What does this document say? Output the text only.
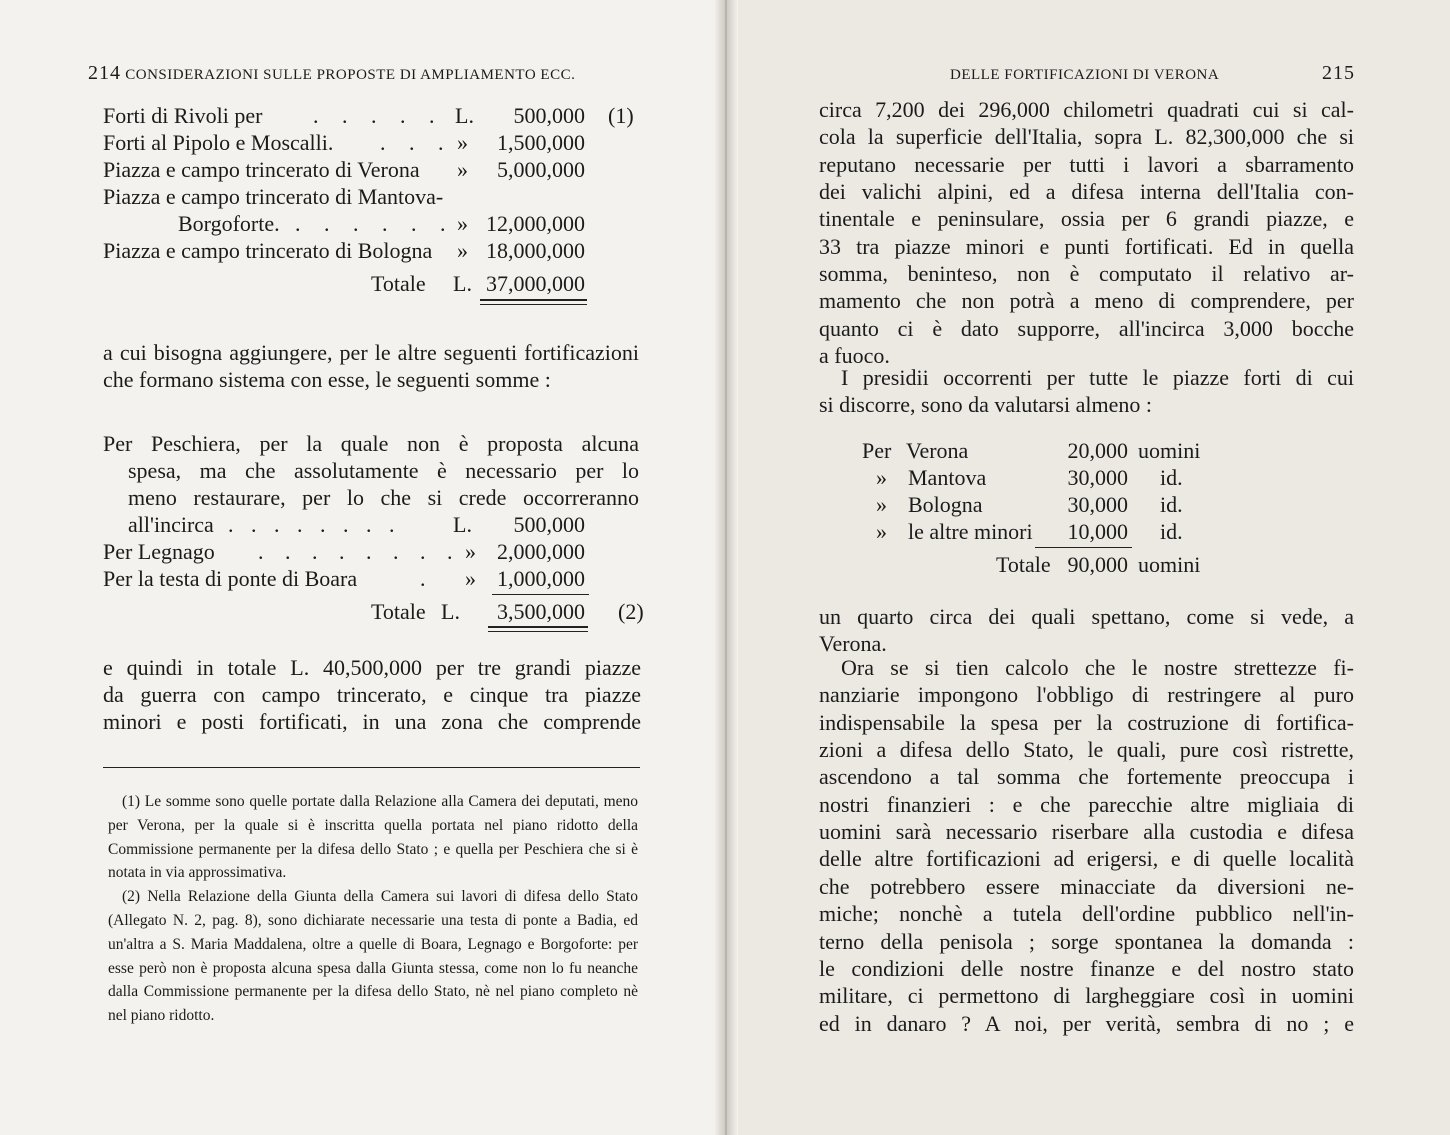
214 CONSIDERAZIONI SULLE PROPOSTE DI AMPLIAMENTO ECC.
Forti di Rivoli per . . . . . L.	500,000 (1)
Forti al Pipolo e Moscalli. . . . »	1,500,000
Piazza e campo trincerato di Verona »	5,000,000
Piazza e campo trincerato di Mantova-
Borgoforte. . . . . . . » 12,000,000
Piazza e campo trincerato di Bologna » 18,000,000
Totale L. 37,000,000
a cui bisogna aggiungere, per le altre seguenti fortificazioni che formano sistema con esse, le seguenti somme :
Per Peschiera, per la quale non è proposta alcuna
spesa, ma che assolutamente è necessario per lo
meno restaurare, per lo che si crede occorreranno
all'incirca . . . . . . . . L.	500,000
Per Legnago . . . . . . . . » 2,000,000
Per la testa di ponte di Boara	. » 1,000,000
Totale L.	3,500,000 (2)
e quindi in totale L. 40,500,000 per tre grandi piazze
da guerra con campo trincerato, e cinque tra piazze
minori e posti fortificati, in una zona che comprende

(1) Le somme sono quelle portate dalla Relazione alla Camera dei deputati, meno per Verona, per la quale si è inscritta quella portata nel piano ridotto della Commissione permanente per la difesa dello Stato ; e quella per Peschiera che si è notata in via approssimativa.

(2) Nella Relazione della Giunta della Camera sui lavori di difesa dello Stato (Allegato N. 2, pag. 8), sono dichiarate necessarie una testa di ponte a Badia, ed un'altra a S. Maria Maddalena, oltre a quelle di Boara, Legnago e Borgoforte: per esse però non è proposta alcuna spesa dalla Giunta stessa, come non lo fu neanche dalla Commissione permanente per la difesa dello Stato, nè nel piano completo nè nel piano ridotto.

DELLE FORTIFICAZIONI DI VERONA	215
circa 7,200 dei 296,000 chilometri quadrati cui si cal-
cola la superficie dell'Italia, sopra L. 82,300,000 che si
reputano necessarie per tutti i lavori a sbarramento
dei valichi alpini, ed a difesa interna dell'Italia con-
tinentale e peninsulare, ossia per 6 grandi piazze, e
33 tra piazze minori e punti fortificati. Ed in quella
somma, beninteso, non è computato il relativo ar-
mamento che non potrà a meno di comprendere, per
quanto ci è dato supporre, all'incirca 3,000 bocche
a fuoco.
I presidii occorrenti per tutte le piazze forti di cui
si discorre, sono da valutarsi almeno :
Per Verona	20,000 uomini
» Mantova	30,000 id.
» Bologna	30,000 id.
» le altre minori	10,000 id.
Totale 90,000 uomini
un quarto circa dei quali spettano, come si vede, a
Verona.
Ora se si tien calcolo che le nostre strettezze fi-
nanziarie impongono l'obbligo di restringere al puro
indispensabile la spesa per la costruzione di fortifica-
zioni a difesa dello Stato, le quali, pure così ristrette,
ascendono a tal somma che fortemente preoccupa i
nostri finanzieri : e che parecchie altre migliaia di
uomini sarà necessario riserbare alla custodia e difesa
delle altre fortificazioni ad erigersi, e di quelle località
che potrebbero essere minacciate da diversioni ne-
miche; nonchè a tutela dell'ordine pubblico nell'in-
terno della penisola ; sorge spontanea la domanda :
le condizioni delle nostre finanze e del nostro stato
militare, ci permettono di largheggiare così in uomini
ed in danaro ? A noi, per verità, sembra di no ; e
